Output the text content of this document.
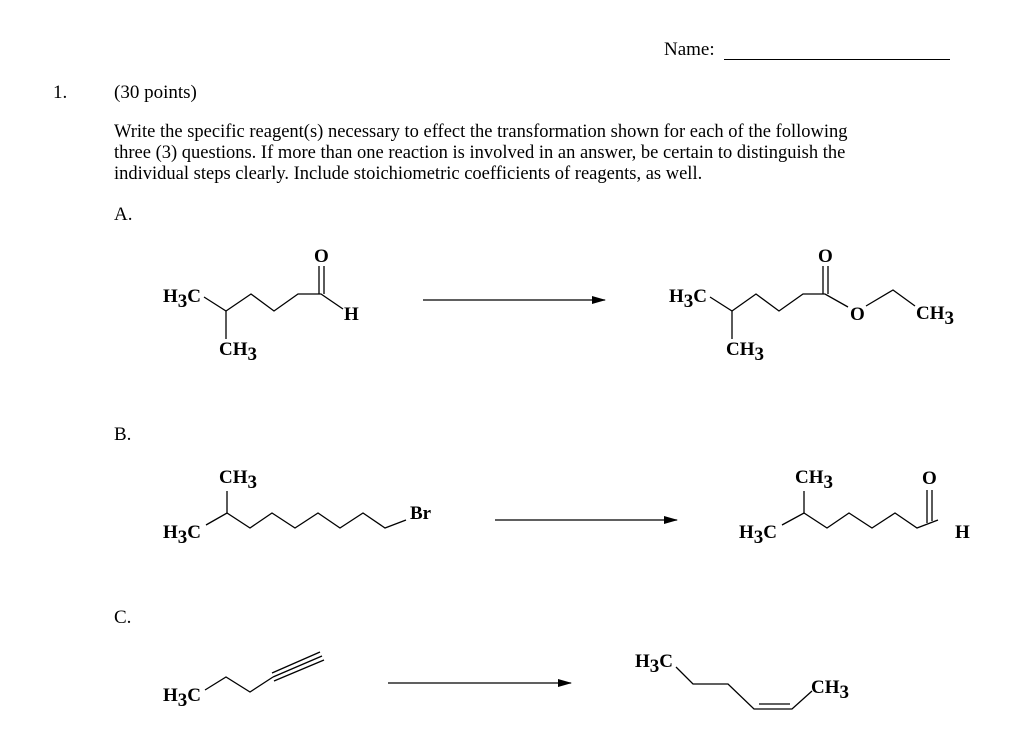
Name:
1. (30 points)
Write the specific reagent(s) necessary to effect the transformation shown for each of the following
three (3) questions. If more than one reaction is involved in an answer, be certain to distinguish the
individual steps clearly. Include stoichiometric coefficients of reagents, as well.
A.
B.
C.
H3C
CH3
O
H
H3C
CH3
O
O	CH3
CH3
H3C
Br
CH3
H3C
O
H
H3C
H3C
CH3
